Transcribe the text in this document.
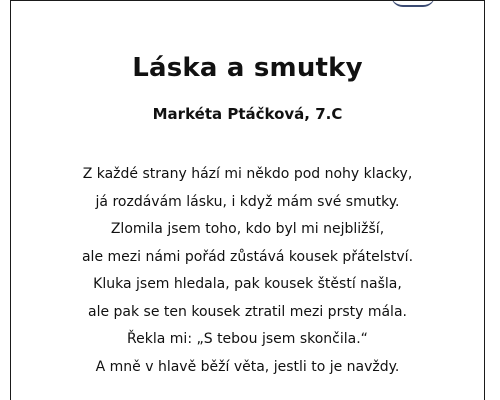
Láska a smutky
Markéta Ptáčková, 7.C
Z každé strany hází mi někdo pod nohy klacky,
já rozdávám lásku, i když mám své smutky.
Zlomila jsem toho, kdo byl mi nejbližší,
ale mezi námi pořád zůstává kousek přátelství.
Kluka jsem hledala, pak kousek štěstí našla,
ale pak se ten kousek ztratil mezi prsty mála.
Řekla mi: „S tebou jsem skončila.“
A mně v hlavě běží věta, jestli to je navždy.
